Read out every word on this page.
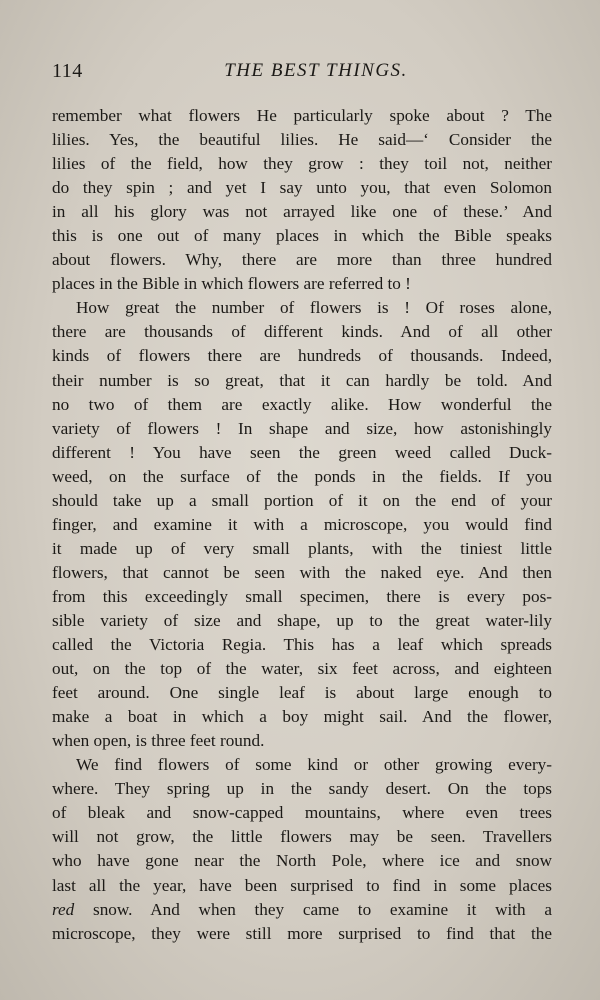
114	THE BEST THINGS.
remember what flowers He particularly spoke about ? The
lilies. Yes, the beautiful lilies. He said—‘ Consider the
lilies of the field, how they grow : they toil not, neither
do they spin ; and yet I say unto you, that even Solomon
in all his glory was not arrayed like one of these.’ And
this is one out of many places in which the Bible speaks
about flowers. Why, there are more than three hundred
places in the Bible in which flowers are referred to !
How great the number of flowers is ! Of roses alone,
there are thousands of different kinds. And of all other
kinds of flowers there are hundreds of thousands. Indeed,
their number is so great, that it can hardly be told. And
no two of them are exactly alike. How wonderful the
variety of flowers ! In shape and size, how astonishingly
different ! You have seen the green weed called Duck-
weed, on the surface of the ponds in the fields. If you
should take up a small portion of it on the end of your
finger, and examine it with a microscope, you would find
it made up of very small plants, with the tiniest little
flowers, that cannot be seen with the naked eye. And then
from this exceedingly small specimen, there is every pos-
sible variety of size and shape, up to the great water-lily
called the Victoria Regia. This has a leaf which spreads
out, on the top of the water, six feet across, and eighteen
feet around. One single leaf is about large enough to
make a boat in which a boy might sail. And the flower,
when open, is three feet round.
We find flowers of some kind or other growing every-
where. They spring up in the sandy desert. On the tops
of bleak and snow-capped mountains, where even trees
will not grow, the little flowers may be seen. Travellers
who have gone near the North Pole, where ice and snow
last all the year, have been surprised to find in some places
red snow. And when they came to examine it with a
microscope, they were still more surprised to find that the
